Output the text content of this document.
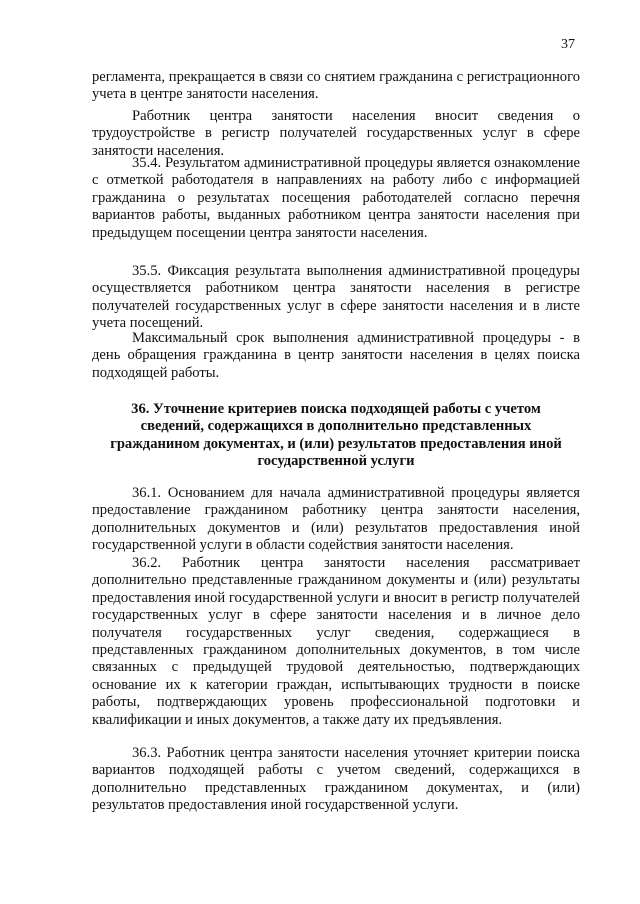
37

регламента, прекращается в связи со снятием гражданина с регистрационного учета в центре занятости населения.

Работник центра занятости населения вносит сведения о трудоустройстве в регистр получателей государственных услуг в сфере занятости населения.

35.4. Результатом административной процедуры является ознакомление с отметкой работодателя в направлениях на работу либо с информацией гражданина о результатах посещения работодателей согласно перечня вариантов работы, выданных работником центра занятости населения при предыдущем посещении центра занятости населения.

35.5. Фиксация результата выполнения административной процедуры осуществляется работником центра занятости населения в регистре получателей государственных услуг в сфере занятости населения и в листе учета посещений.

Максимальный срок выполнения административной процедуры - в день обращения гражданина в центр занятости населения в целях поиска подходящей работы.

36. Уточнение критериев поиска подходящей работы с учетом сведений, содержащихся в дополнительно представленных гражданином документах, и (или) результатов предоставления иной государственной услуги

36.1. Основанием для начала административной процедуры является предоставление гражданином работнику центра занятости населения, дополнительных документов и (или) результатов предоставления иной государственной услуги в области содействия занятости населения.

36.2. Работник центра занятости населения рассматривает дополнительно представленные гражданином документы и (или) результаты предоставления иной государственной услуги и вносит в регистр получателей государственных услуг в сфере занятости населения и в личное дело получателя государственных услуг сведения, содержащиеся в представленных гражданином дополнительных документов, в том числе связанных с предыдущей трудовой деятельностью, подтверждающих основание их к категории граждан, испытывающих трудности в поиске работы, подтверждающих уровень профессиональной подготовки и квалификации и иных документов, а также дату их предъявления.

36.3. Работник центра занятости населения уточняет критерии поиска вариантов подходящей работы с учетом сведений, содержащихся в дополнительно представленных гражданином документах, и (или) результатов предоставления иной государственной услуги.
